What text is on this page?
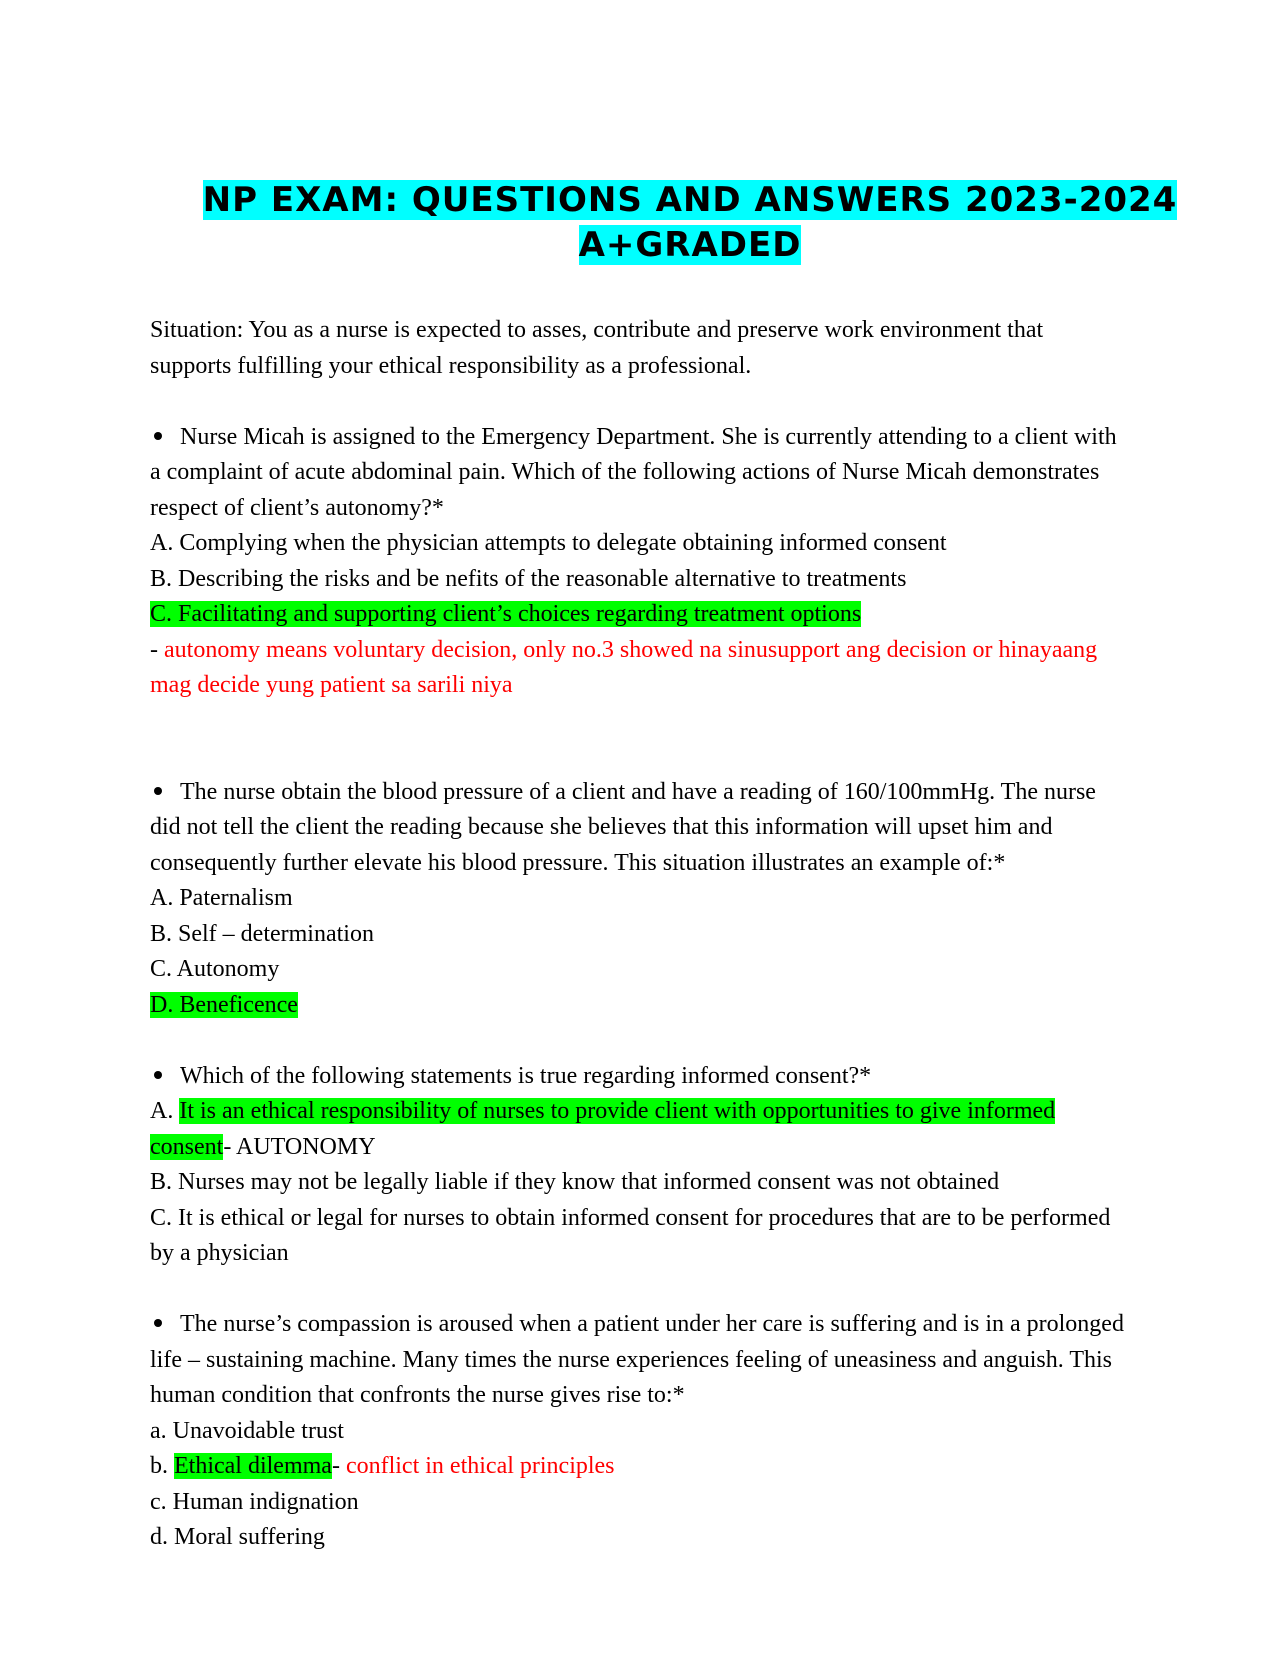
NP EXAM: QUESTIONS AND ANSWERS 2023-2024
A+GRADED

Situation: You as a nurse is expected to asses, contribute and preserve work environment that supports fulfilling your ethical responsibility as a professional.

Nurse Micah is assigned to the Emergency Department. She is currently attending to a client with a complaint of acute abdominal pain. Which of the following actions of Nurse Micah demonstrates respect of client’s autonomy?*

A. Complying when the physician attempts to delegate obtaining informed consent

B. Describing the risks and be nefits of the reasonable alternative to treatments

C. Facilitating and supporting client’s choices regarding treatment options

- autonomy means voluntary decision, only no.3 showed na sinusupport ang decision or hinayaang mag decide yung patient sa sarili niya

The nurse obtain the blood pressure of a client and have a reading of 160/100mmHg. The nurse did not tell the client the reading because she believes that this information will upset him and consequently further elevate his blood pressure. This situation illustrates an example of:*

A. Paternalism

B. Self – determination

C. Autonomy

D. Beneficence

Which of the following statements is true regarding informed consent?*

A. It is an ethical responsibility of nurses to provide client with opportunities to give informed consent- AUTONOMY

B. Nurses may not be legally liable if they know that informed consent was not obtained

C. It is ethical or legal for nurses to obtain informed consent for procedures that are to be performed by a physician

The nurse’s compassion is aroused when a patient under her care is suffering and is in a prolonged life – sustaining machine. Many times the nurse experiences feeling of uneasiness and anguish. This human condition that confronts the nurse gives rise to:*

a. Unavoidable trust

b. Ethical dilemma- conflict in ethical principles

c. Human indignation

d. Moral suffering
